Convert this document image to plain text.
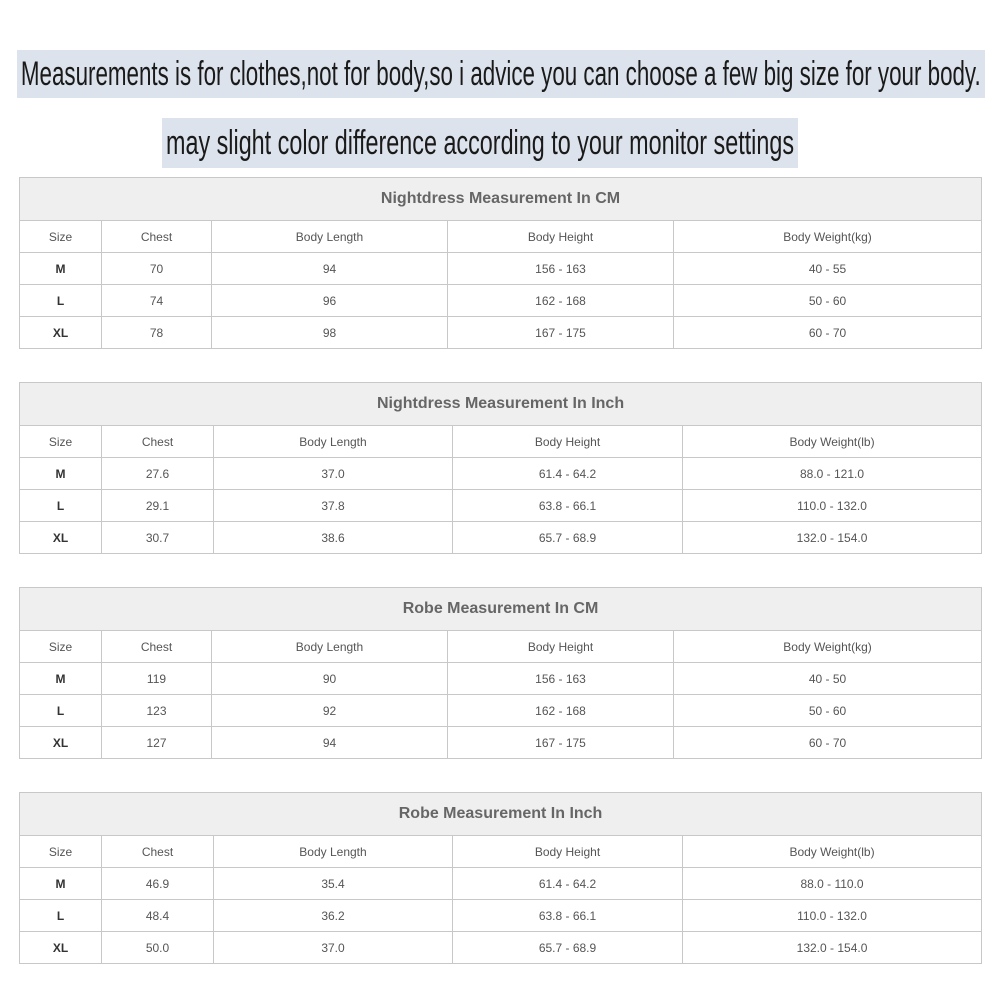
Measurements is for clothes,not for body,so i advice you can choose a few big size for your body.
may slight color difference according to your monitor settings
Nightdress Measurement In CM				
Size	Chest	Body Length	Body Height	Body Weight(kg)
M	70	94	156 - 163	40 - 55
L	74	96	162 - 168	50 - 60
XL	78	98	167 - 175	60 - 70
Nightdress Measurement In Inch				
Size	Chest	Body Length	Body Height	Body Weight(lb)
M	27.6	37.0	61.4 - 64.2	88.0 - 121.0
L	29.1	37.8	63.8 - 66.1	110.0 - 132.0
XL	30.7	38.6	65.7 - 68.9	132.0 - 154.0
Robe Measurement In CM				
Size	Chest	Body Length	Body Height	Body Weight(kg)
M	119	90	156 - 163	40 - 50
L	123	92	162 - 168	50 - 60
XL	127	94	167 - 175	60 - 70
Robe Measurement In Inch				
Size	Chest	Body Length	Body Height	Body Weight(lb)
M	46.9	35.4	61.4 - 64.2	88.0 - 110.0
L	48.4	36.2	63.8 - 66.1	110.0 - 132.0
XL	50.0	37.0	65.7 - 68.9	132.0 - 154.0
